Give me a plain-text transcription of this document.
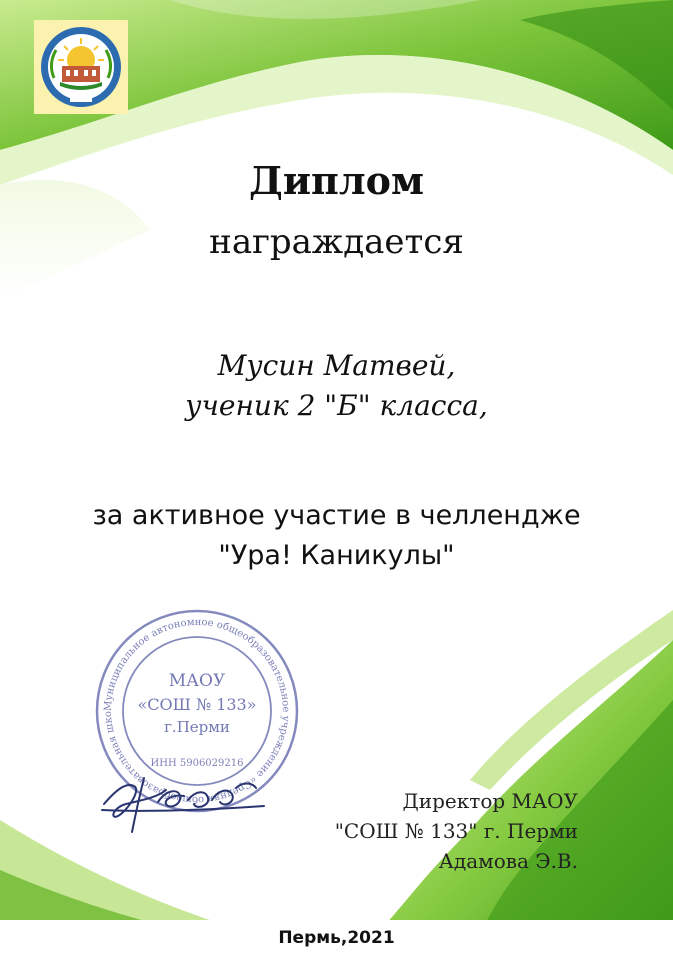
Диплом
награждается
Мусин Матвей,
ученик 2 "Б" класса,
за активное участие в челлендже
"Ура! Каникулы"
Муниципальное автономное общеобразовательное учреждение «Средняя общеобразовательная шко
МАОУ
«СОШ № 133»
г.Перми
ИНН 5906029216
Директор МАОУ
"СОШ № 133" г. Перми
Адамова Э.В.
Пермь,2021
